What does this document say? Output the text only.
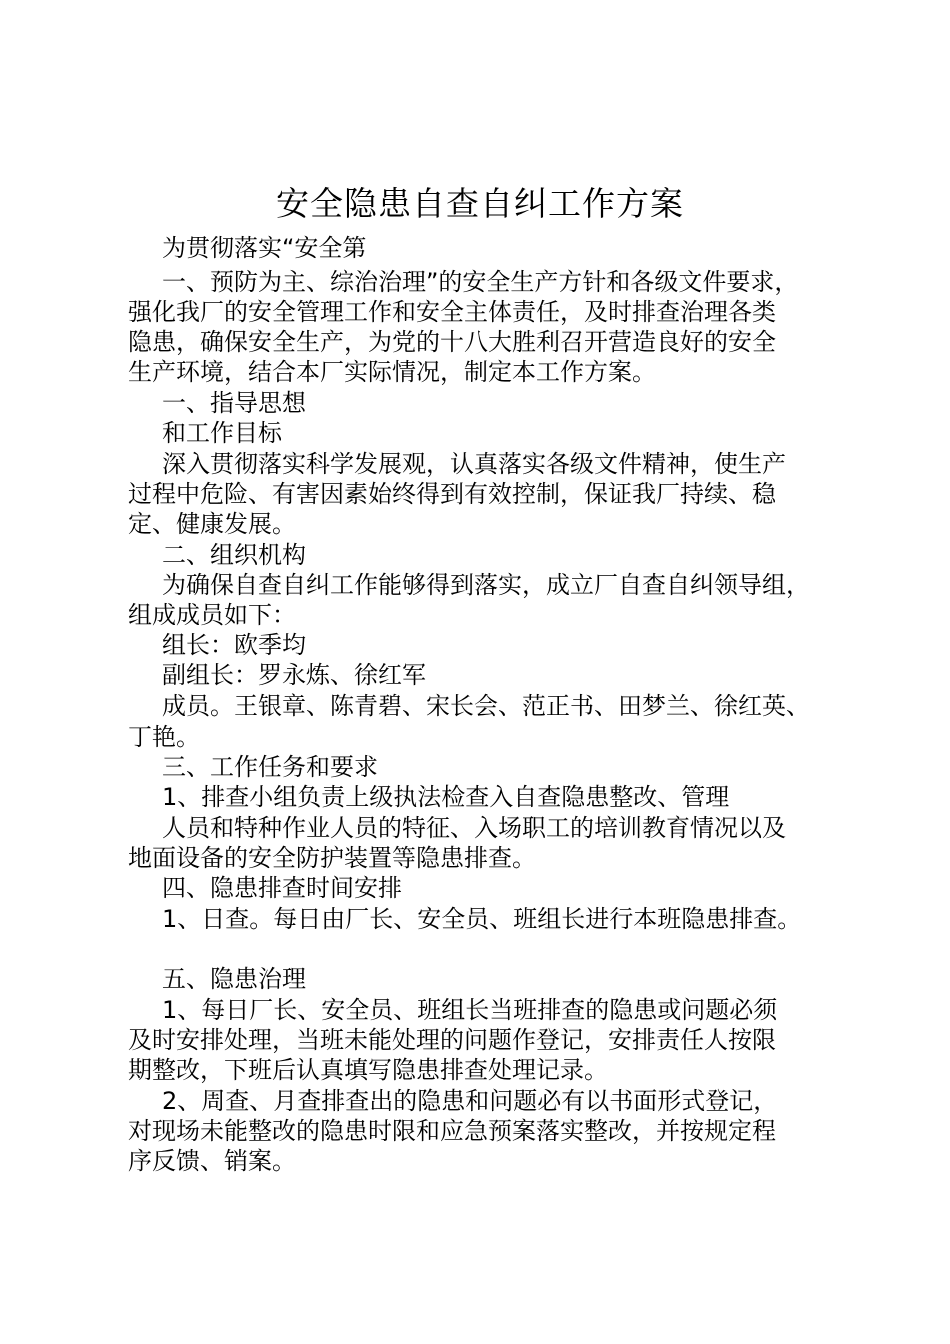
安全隐患自查自纠工作方案
为贯彻落实“安全第
一、预防为主、综治治理”的安全生产方针和各级文件要求，
强化我厂的安全管理工作和安全主体责任，及时排查治理各类
隐患，确保安全生产，为党的十八大胜利召开营造良好的安全
生产环境，结合本厂实际情况，制定本工作方案。
一、指导思想
和工作目标
深入贯彻落实科学发展观，认真落实各级文件精神，使生产
过程中危险、有害因素始终得到有效控制，保证我厂持续、稳
定、健康发展。
二、组织机构
为确保自查自纠工作能够得到落实，成立厂自查自纠领导组，
组成成员如下：
组长：欧季均
副组长：罗永炼、徐红军
成员。王银章、陈青碧、宋长会、范正书、田梦兰、徐红英、
丁艳。
三、工作任务和要求
1、排查小组负责上级执法检查入自查隐患整改、管理
人员和特种作业人员的特征、入场职工的培训教育情况以及
地面设备的安全防护装置等隐患排查。
四、隐患排查时间安排
1、日查。每日由厂长、安全员、班组长进行本班隐患排查。
五、隐患治理
1、每日厂长、安全员、班组长当班排查的隐患或问题必须
及时安排处理，当班未能处理的问题作登记，安排责任人按限
期整改，下班后认真填写隐患排查处理记录。
2、周查、月查排查出的隐患和问题必有以书面形式登记，
对现场未能整改的隐患时限和应急预案落实整改，并按规定程
序反馈、销案。
